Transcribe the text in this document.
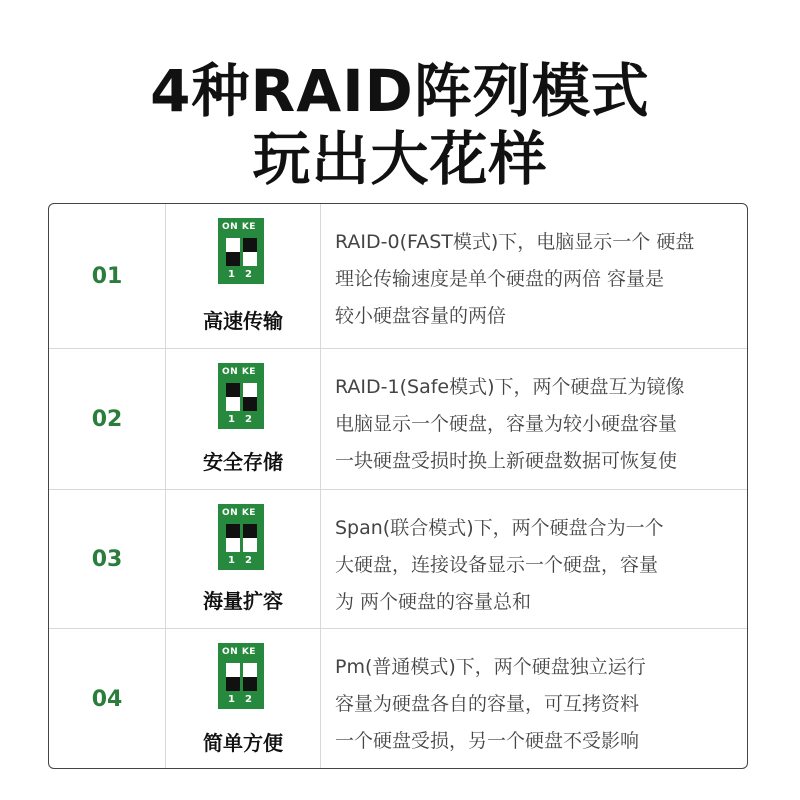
4种RAID阵列模式
玩出大花样
01
ON KE
1 2
高速传输
RAID-0(FAST模式)下，电脑显示一个 硬盘
理论传输速度是单个硬盘的两倍 容量是
较小硬盘容量的两倍
02
ON KE
1 2
安全存储
RAID-1(Safe模式)下，两个硬盘互为镜像
电脑显示一个硬盘，容量为较小硬盘容量
一块硬盘受损时换上新硬盘数据可恢复使
03
ON KE
1 2
海量扩容
Span(联合模式)下，两个硬盘合为一个
大硬盘，连接设备显示一个硬盘，容量
为 两个硬盘的容量总和
04
ON KE
1 2
简单方便
Pm(普通模式)下，两个硬盘独立运行
容量为硬盘各自的容量，可互拷资料
一个硬盘受损，另一个硬盘不受影响
